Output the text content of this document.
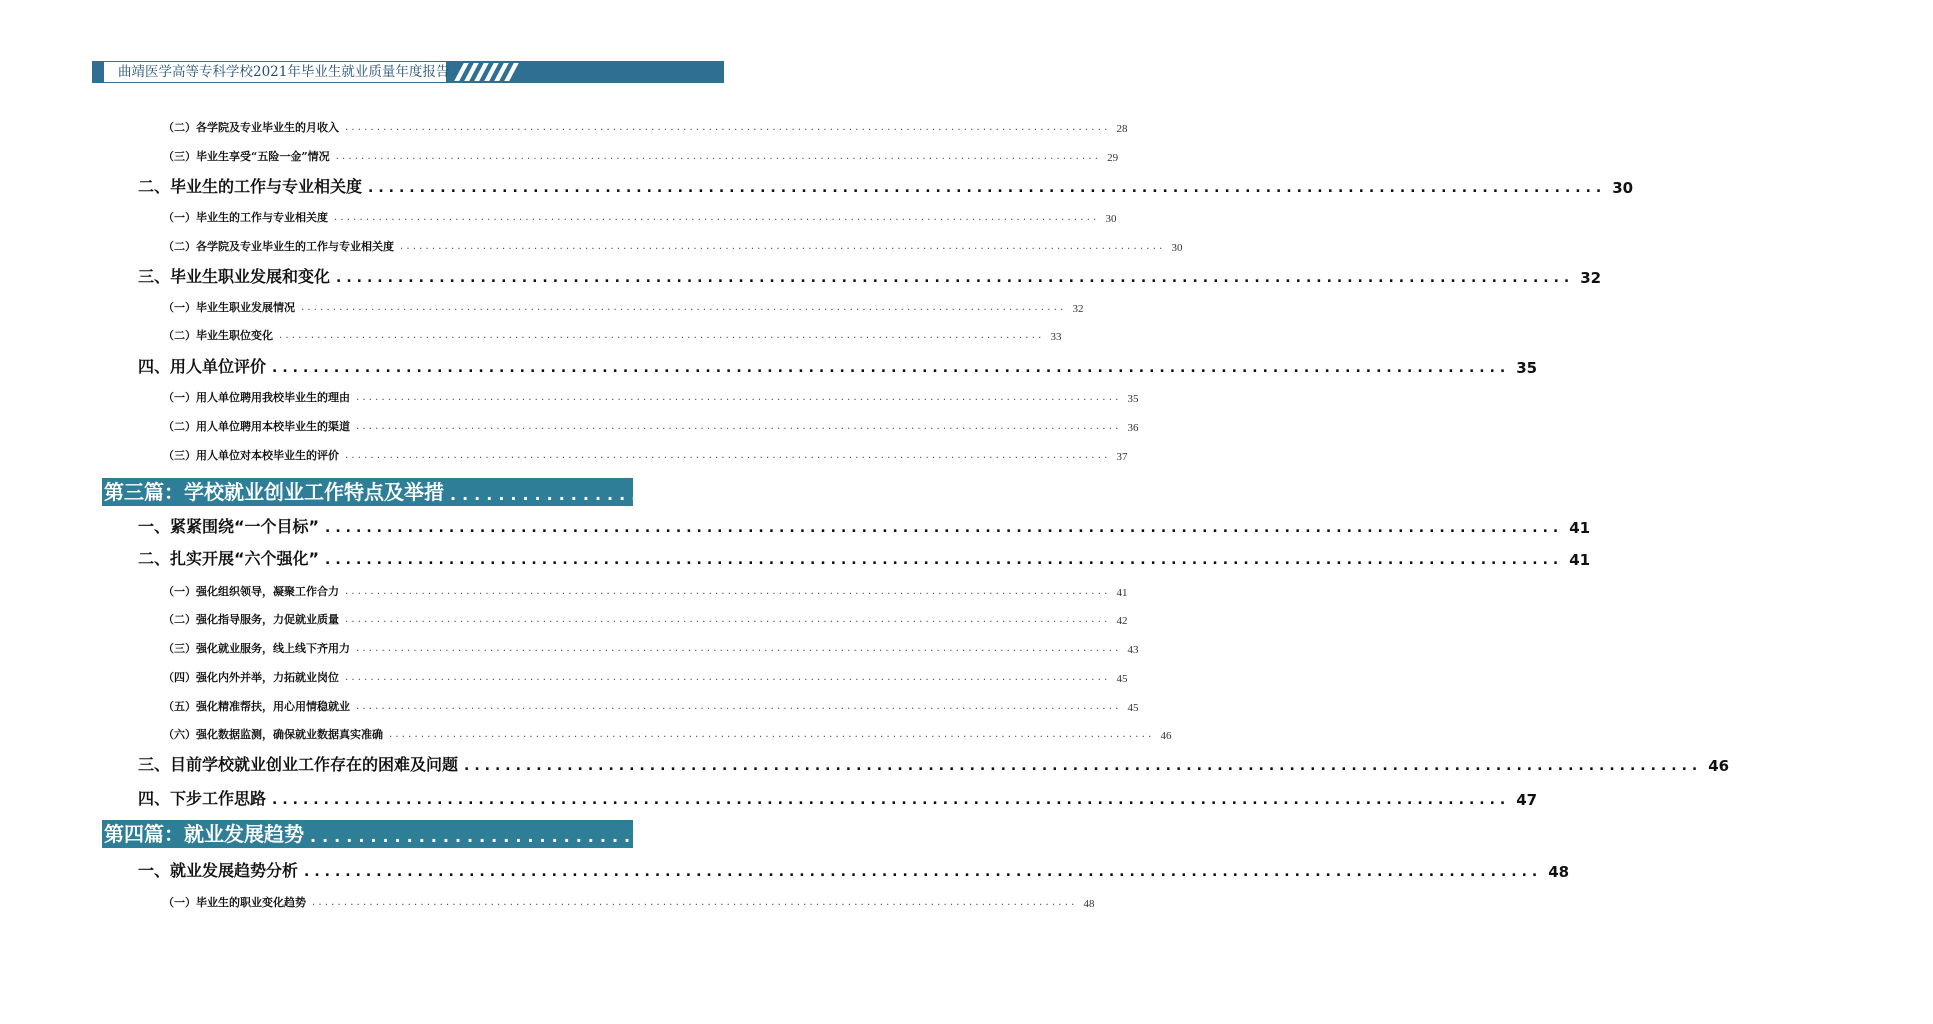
曲靖医学高等专科学校2021年毕业生就业质量年度报告
（二）各学院及专业毕业生的月收入 ........................................................................................................................ 28
（三）毕业生享受“五险一金”情况 ........................................................................................................................ 29
二、毕业生的工作与专业相关度 ........................................................................................................................ 30
（一）毕业生的工作与专业相关度 ........................................................................................................................ 30
（二）各学院及专业毕业生的工作与专业相关度 ........................................................................................................................ 30
三、毕业生职业发展和变化 ........................................................................................................................ 32
（一）毕业生职业发展情况 ........................................................................................................................ 32
（二）毕业生职位变化 ........................................................................................................................ 33
四、用人单位评价 ........................................................................................................................ 35
（一）用人单位聘用我校毕业生的理由 ........................................................................................................................ 35
（二）用人单位聘用本校毕业生的渠道 ........................................................................................................................ 36
（三）用人单位对本校毕业生的评价 ........................................................................................................................ 37
第三篇：学校就业创业工作特点及举措 ........................................................................................................................ 41
一、紧紧围绕“一个目标” ........................................................................................................................ 41
二、扎实开展“六个强化” ........................................................................................................................ 41
（一）强化组织领导，凝聚工作合力 ........................................................................................................................ 41
（二）强化指导服务，力促就业质量 ........................................................................................................................ 42
（三）强化就业服务，线上线下齐用力 ........................................................................................................................ 43
（四）强化内外并举，力拓就业岗位 ........................................................................................................................ 45
（五）强化精准帮扶，用心用情稳就业 ........................................................................................................................ 45
（六）强化数据监测，确保就业数据真实准确 ........................................................................................................................ 46
三、目前学校就业创业工作存在的困难及问题 ........................................................................................................................ 46
四、下步工作思路 ........................................................................................................................ 47
第四篇：就业发展趋势 ........................................................................................................................ 48
一、就业发展趋势分析 ........................................................................................................................ 48
（一）毕业生的职业变化趋势 ........................................................................................................................ 48
